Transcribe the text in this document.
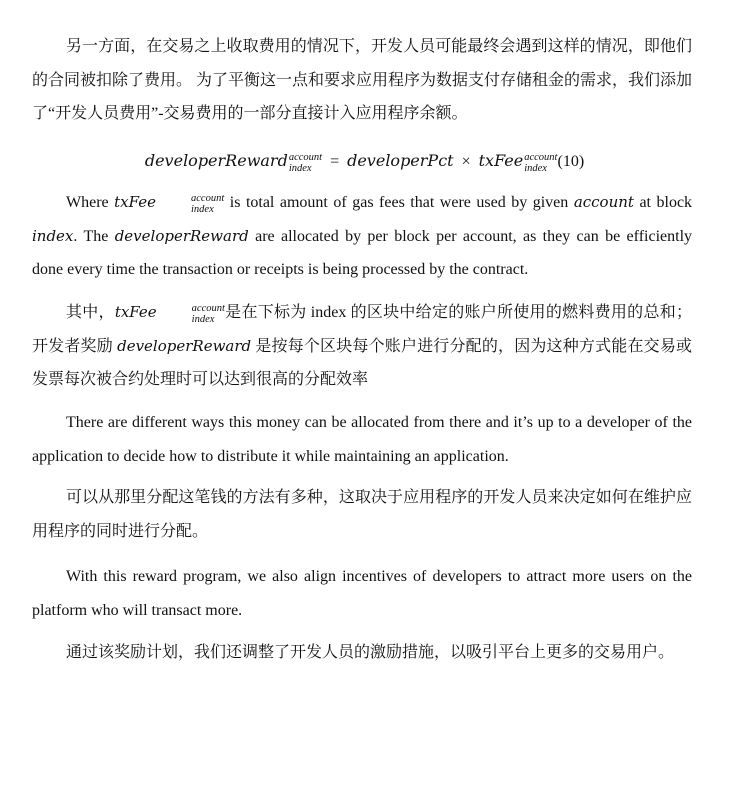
另一方面，在交易之上收取费用的情况下，开发人员可能最终会遇到这样的情况，即他们的合同被扣除了费用。 为了平衡这一点和要求应用程序为数据支付存储租金的需求，我们添加了“开发人员费用”-交易费用的一部分直接计入应用程序余额。

developerReward account
index	= developerPct × txFee account
index (10)

Where txFee	account
index	is total amount of gas fees that were used by given account at block index. The developerReward are allocated by per block per account, as they can be efficiently done every time the transaction or receipts is being processed by the contract.

其中，txFee	account
index 是在下标为 index 的区块中给定的账户所使用的燃料费用的总和；开发者奖励 developerReward 是按每个区块每个账户进行分配的，因为这种方式能在交易或发票每次被合约处理时可以达到很高的分配效率

There are different ways this money can be allocated from there and it’s up to a developer of the application to decide how to distribute it while maintaining an application.

可以从那里分配这笔钱的方法有多种，这取决于应用程序的开发人员来决定如何在维护应用程序的同时进行分配。

With this reward program, we also align incentives of developers to attract more users on the platform who will transact more.

通过该奖励计划，我们还调整了开发人员的激励措施，以吸引平台上更多的交易用户。
